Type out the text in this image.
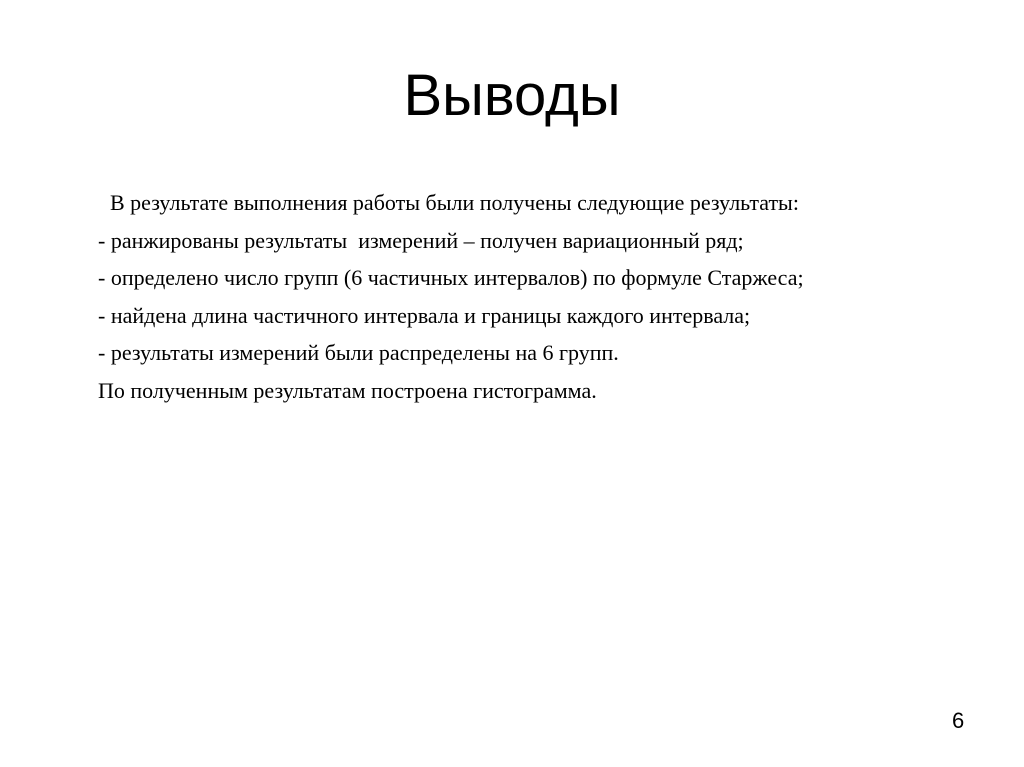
Выводы
В результате выполнения работы были получены следующие результаты:
- ранжированы результаты  измерений – получен вариационный ряд;
- определено число групп (6 частичных интервалов) по формуле Старжеса;
- найдена длина частичного интервала и границы каждого интервала;
- результаты измерений были распределены на 6 групп.
По полученным результатам построена гистограмма.
6
